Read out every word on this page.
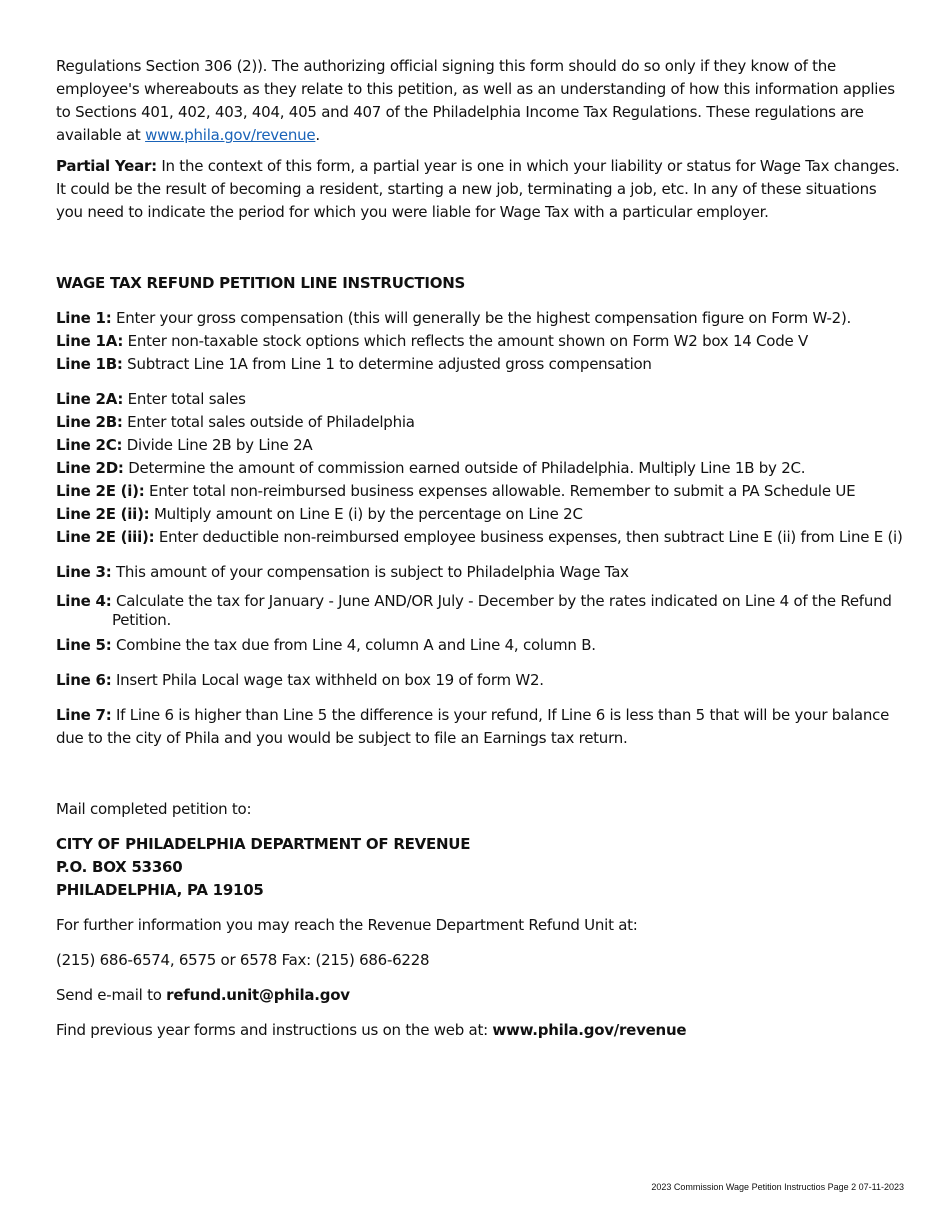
Regulations Section 306 (2)). The authorizing official signing this form should do so only if they know of the employee's whereabouts as they relate to this petition, as well as an understanding of how this information applies to Sections 401, 402, 403, 404, 405 and 407 of the Philadelphia Income Tax Regulations. These regulations are available at www.phila.gov/revenue.

Partial Year: In the context of this form, a partial year is one in which your liability or status for Wage Tax changes. It could be the result of becoming a resident, starting a new job, terminating a job, etc. In any of these situations you need to indicate the period for which you were liable for Wage Tax with a particular employer.

WAGE TAX REFUND PETITION LINE INSTRUCTIONS

Line 1: Enter your gross compensation (this will generally be the highest compensation figure on Form W-2).
Line 1A: Enter non-taxable stock options which reflects the amount shown on Form W2 box 14 Code V
Line 1B: Subtract Line 1A from Line 1 to determine adjusted gross compensation
Line 2A: Enter total sales
Line 2B: Enter total sales outside of Philadelphia
Line 2C: Divide Line 2B by Line 2A
Line 2D: Determine the amount of commission earned outside of Philadelphia. Multiply Line 1B by 2C.
Line 2E (i): Enter total non-reimbursed business expenses allowable. Remember to submit a PA Schedule UE
Line 2E (ii): Multiply amount on Line E (i) by the percentage on Line 2C
Line 2E (iii): Enter deductible non-reimbursed employee business expenses, then subtract Line E (ii) from Line E (i)

Line 3: This amount of your compensation is subject to Philadelphia Wage Tax

Line 4: Calculate the tax for January - June AND/OR July - December by the rates indicated on Line 4 of the Refund Petition.

Line 5: Combine the tax due from Line 4, column A and Line 4, column B.

Line 6: Insert Phila Local wage tax withheld on box 19 of form W2.

Line 7: If Line 6 is higher than Line 5 the difference is your refund, If Line 6 is less than 5 that will be your balance due to the city of Phila and you would be subject to file an Earnings tax return.

Mail completed petition to:

CITY OF PHILADELPHIA DEPARTMENT OF REVENUE
P.O. BOX 53360
PHILADELPHIA, PA 19105

For further information you may reach the Revenue Department Refund Unit at:

(215) 686-6574, 6575 or 6578 Fax: (215) 686-6228

Send e-mail to refund.unit@phila.gov

Find previous year forms and instructions us on the web at: www.phila.gov/revenue

2023 Commission Wage Petition Instructios Page 2 07-11-2023
